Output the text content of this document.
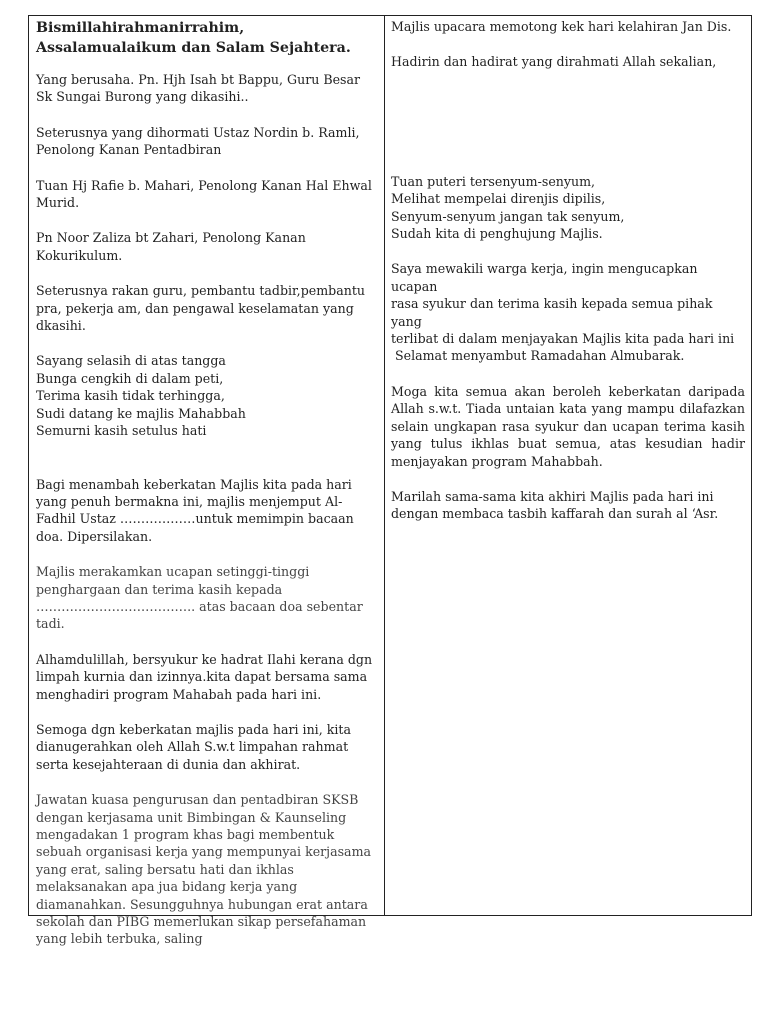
Bismillahirahmanirrahim, Assalamualaikum dan Salam Sejahtera.

Yang berusaha. Pn. Hjh Isah bt Bappu, Guru Besar Sk Sungai Burong yang dikasihi..

Seterusnya yang dihormati Ustaz Nordin b. Ramli, Penolong Kanan Pentadbiran

Tuan Hj Rafie b. Mahari, Penolong Kanan Hal Ehwal Murid.

Pn Noor Zaliza bt Zahari, Penolong Kanan Kokurikulum.

Seterusnya rakan guru, pembantu tadbir,pembantu pra, pekerja am, dan pengawal keselamatan yang dkasihi.

Sayang selasih di atas tangga
Bunga cengkih di dalam peti,
Terima kasih tidak terhingga,
Sudi datang ke majlis Mahabbah
Semurni kasih setulus hati

Bagi menambah keberkatan Majlis kita pada hari yang penuh bermakna ini, majlis menjemput Al-Fadhil Ustaz ………………untuk memimpin bacaan doa. Dipersilakan.

Majlis merakamkan ucapan setinggi-tinggi penghargaan dan terima kasih kepada ……………………………….. atas bacaan doa sebentar tadi.

Alhamdulillah, bersyukur ke hadrat Ilahi kerana dgn limpah kurnia dan izinnya.kita dapat bersama sama menghadiri program Mahabah pada hari ini.

Semoga dgn keberkatan majlis pada hari ini, kita dianugerahkan oleh Allah S.w.t limpahan rahmat serta kesejahteraan di dunia dan akhirat.

Jawatan kuasa pengurusan dan pentadbiran SKSB dengan kerjasama unit Bimbingan & Kaunseling mengadakan 1 program khas bagi membentuk sebuah organisasi kerja yang mempunyai kerjasama yang erat, saling bersatu hati dan ikhlas melaksanakan apa jua bidang kerja yang diamanahkan. Sesungguhnya hubungan erat antara sekolah dan PIBG memerlukan sikap persefahaman yang lebih terbuka, saling

Majlis upacara memotong kek hari kelahiran Jan Dis.

Hadirin dan hadirat yang dirahmati Allah sekalian,

Tuan puteri tersenyum-senyum,
Melihat mempelai direnjis dipilis,
Senyum-senyum jangan tak senyum,
Sudah kita di penghujung Majlis.

Saya mewakili warga kerja, ingin mengucapkan ucapan
rasa syukur dan terima kasih kepada semua pihak yang
terlibat di dalam menjayakan Majlis kita pada hari ini
Selamat menyambut Ramadahan Almubarak.

Moga kita semua akan beroleh keberkatan daripada Allah s.w.t. Tiada untaian kata yang mampu dilafazkan selain ungkapan rasa syukur dan ucapan terima kasih yang tulus ikhlas buat semua, atas kesudian hadir menjayakan program Mahabbah.

Marilah sama-sama kita akhiri Majlis pada hari ini dengan membaca tasbih kaffarah dan surah al ‘Asr.
